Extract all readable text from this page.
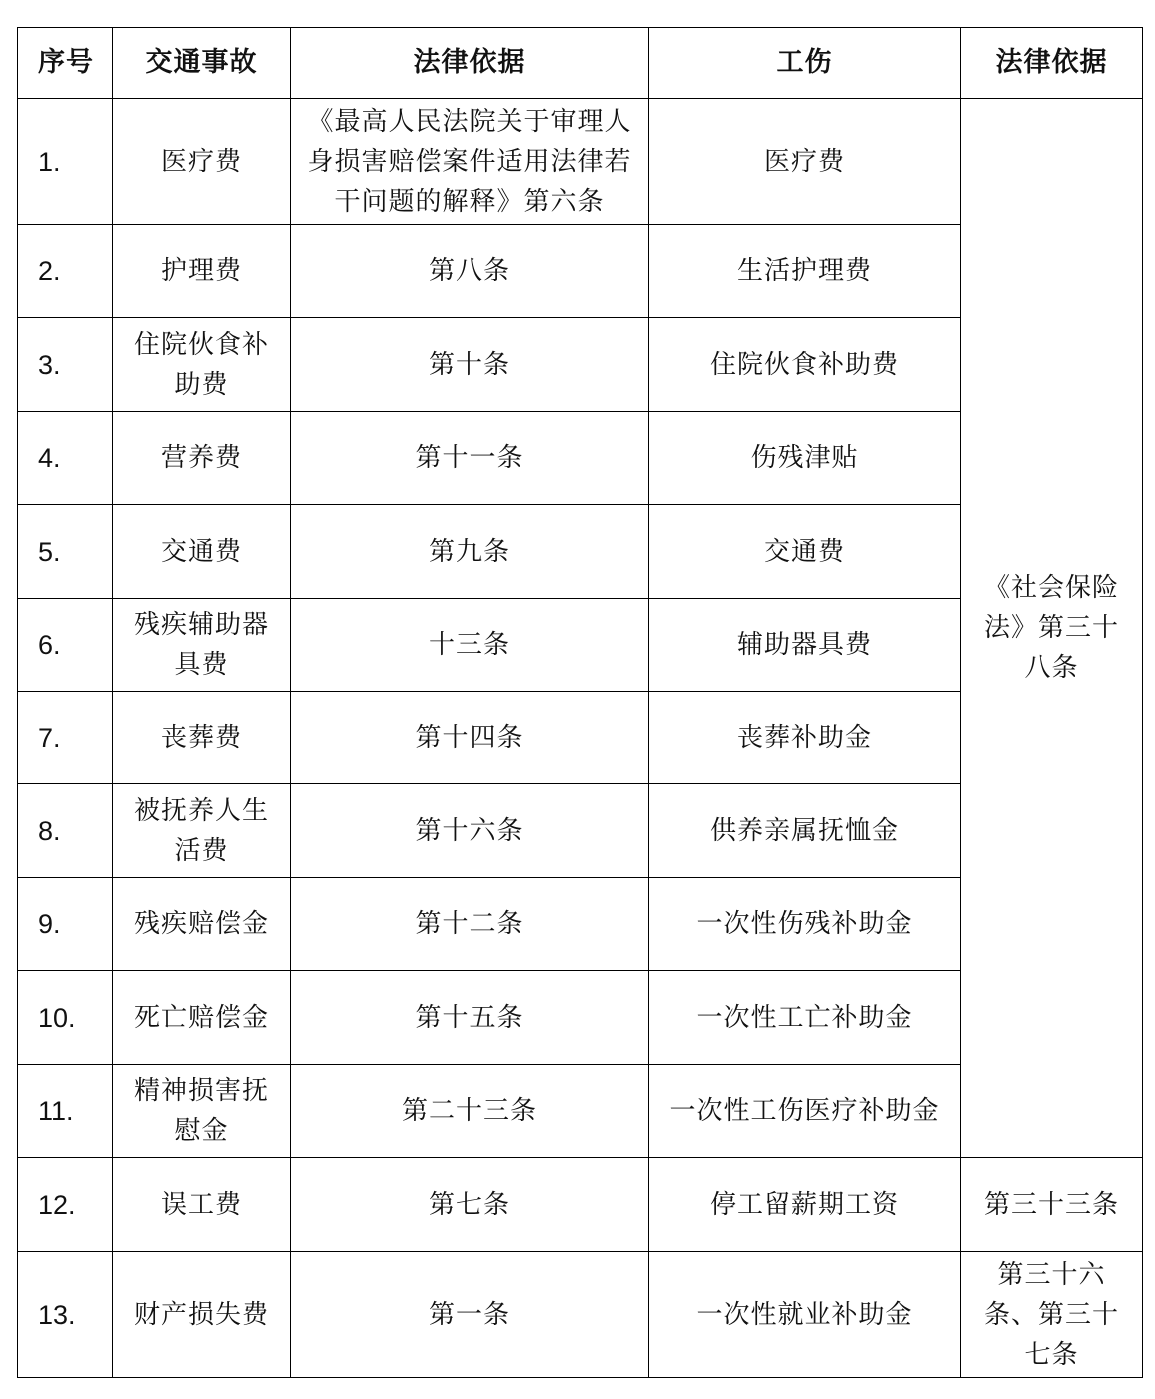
序号	交通事故	法律依据	工伤	法律依据
1.	医疗费	《最高人民法院关于审理人身损害赔偿案件适用法律若干问题的解释》第六条	医疗费	《社会保险法》第三十八条
2.	护理费	第八条	生活护理费	
3.	住院伙食补助费	第十条	住院伙食补助费	
4.	营养费	第十一条	伤残津贴	
5.	交通费	第九条	交通费	
6.	残疾辅助器具费	十三条	辅助器具费	
7.	丧葬费	第十四条	丧葬补助金	
8.	被抚养人生活费	第十六条	供养亲属抚恤金	
9.	残疾赔偿金	第十二条	一次性伤残补助金	
10.	死亡赔偿金	第十五条	一次性工亡补助金	
11.	精神损害抚慰金	第二十三条	一次性工伤医疗补助金	
12.	误工费	第七条	停工留薪期工资	第三十三条
13.	财产损失费	第一条	一次性就业补助金	第三十六条、第三十七条
